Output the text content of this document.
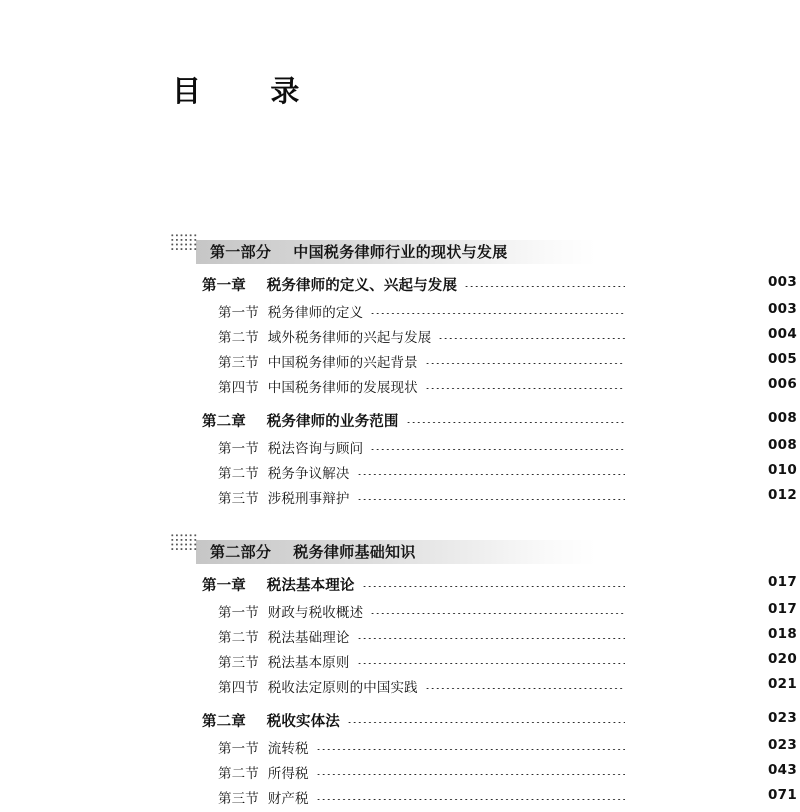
目    录
第一部分    中国税务律师行业的现状与发展
第一章    税务律师的定义、兴起与发展	003
第一节  税务律师的定义	003
第二节  域外税务律师的兴起与发展	004
第三节  中国税务律师的兴起背景	005
第四节  中国税务律师的发展现状	006
第二章    税务律师的业务范围	008
第一节  税法咨询与顾问	008
第二节  税务争议解决	010
第三节  涉税刑事辩护	012
第二部分    税务律师基础知识
第一章    税法基本理论	017
第一节  财政与税收概述	017
第二节  税法基础理论	018
第三节  税法基本原则	020
第四节  税收法定原则的中国实践	021
第二章    税收实体法	023
第一节  流转税	023
第二节  所得税	043
第三节  财产税	071
